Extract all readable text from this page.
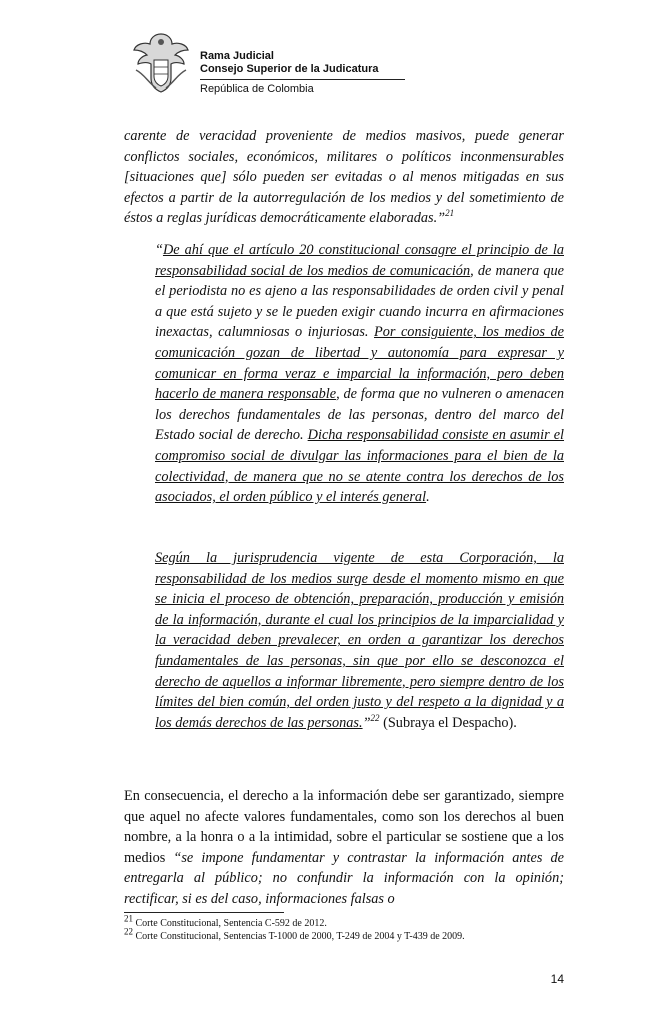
Rama Judicial
Consejo Superior de la Judicatura
República de Colombia
carente de veracidad proveniente de medios masivos, puede generar conflictos sociales, económicos, militares o políticos inconmensurables [situaciones que] sólo pueden ser evitadas o al menos mitigadas en sus efectos a partir de la autorregulación de los medios y del sometimiento de éstos a reglas jurídicas democráticamente elaboradas.”$^{21}$
“De ahí que el artículo 20 constitucional consagre el principio de la responsabilidad social de los medios de comunicación, de manera que el periodista no es ajeno a las responsabilidades de orden civil y penal a que está sujeto y se le pueden exigir cuando incurra en afirmaciones inexactas, calumniosas o injuriosas. Por consiguiente, los medios de comunicación gozan de libertad y autonomía para expresar y comunicar en forma veraz e imparcial la información, pero deben hacerlo de manera responsable, de forma que no vulneren o amenacen los derechos fundamentales de las personas, dentro del marco del Estado social de derecho. Dicha responsabilidad consiste en asumir el compromiso social de divulgar las informaciones para el bien de la colectividad, de manera que no se atente contra los derechos de los asociados, el orden público y el interés general.
Según la jurisprudencia vigente de esta Corporación, la responsabilidad de los medios surge desde el momento mismo en que se inicia el proceso de obtención, preparación, producción y emisión de la información, durante el cual los principios de la imparcialidad y la veracidad deben prevalecer, en orden a garantizar los derechos fundamentales de las personas, sin que por ello se desconozca el derecho de aquellos a informar libremente, pero siempre dentro de los límites del bien común, del orden justo y del respeto a la dignidad y a los demás derechos de las personas.”$^{22}$ (Subraya el Despacho).
En consecuencia, el derecho a la información debe ser garantizado, siempre que aquel no afecte valores fundamentales, como son los derechos al buen nombre, a la honra o a la intimidad, sobre el particular se sostiene que a los medios “se impone fundamentar y contrastar la información antes de entregarla al público; no confundir la información con la opinión; rectificar, si es del caso, informaciones falsas o
$^{21}$ Corte Constitucional, Sentencia C-592 de 2012.
$^{22}$ Corte Constitucional, Sentencias T-1000 de 2000, T-249 de 2004 y T-439 de 2009.
14
